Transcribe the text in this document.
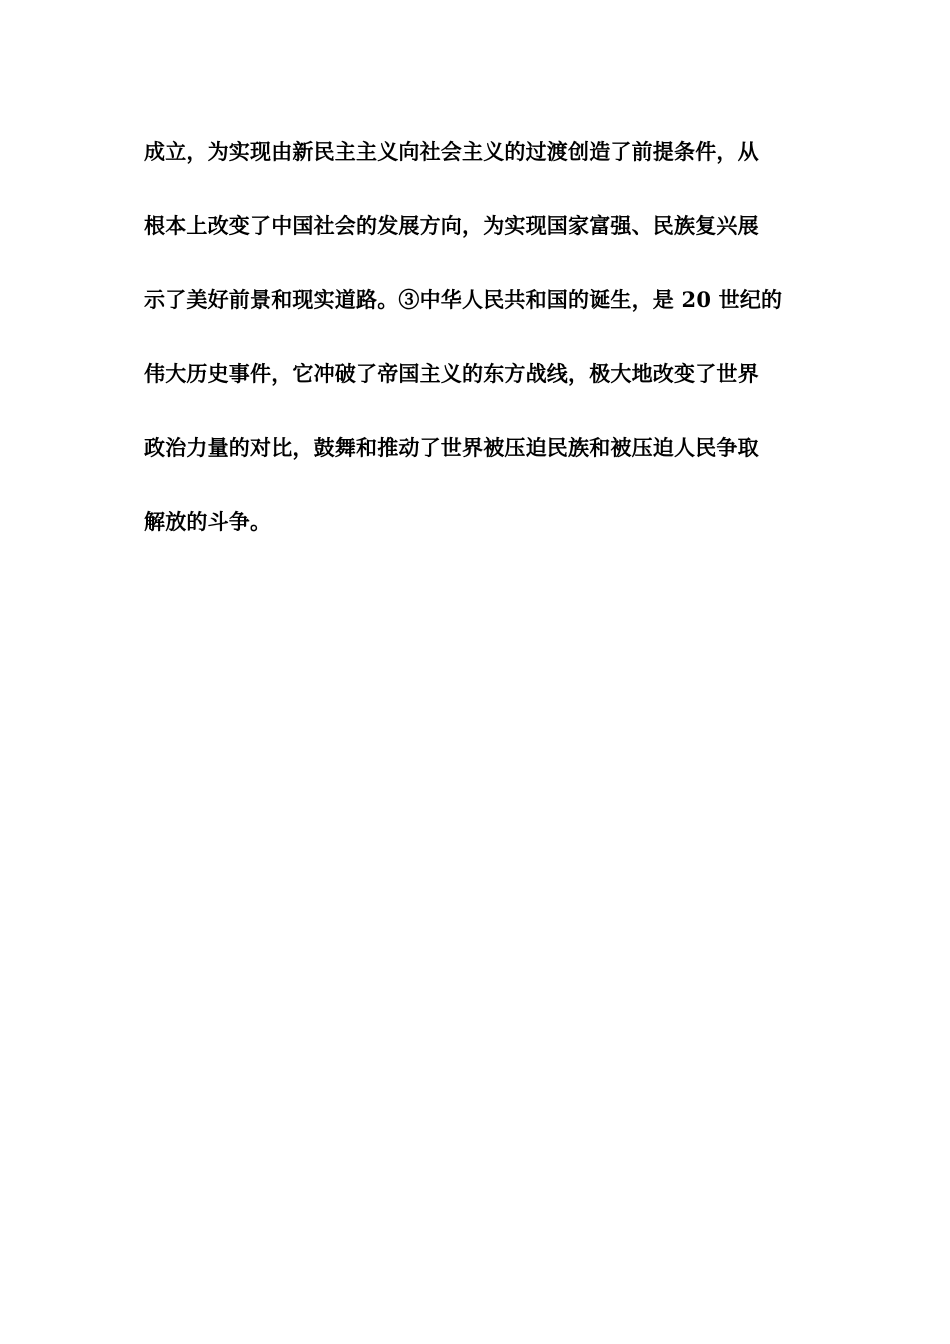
成立，为实现由新民主主义向社会主义的过渡创造了前提条件，从
根本上改变了中国社会的发展方向，为实现国家富强、民族复兴展
示了美好前景和现实道路。③中华人民共和国的诞生，是 20 世纪的
伟大历史事件，它冲破了帝国主义的东方战线，极大地改变了世界
政治力量的对比，鼓舞和推动了世界被压迫民族和被压迫人民争取
解放的斗争。
